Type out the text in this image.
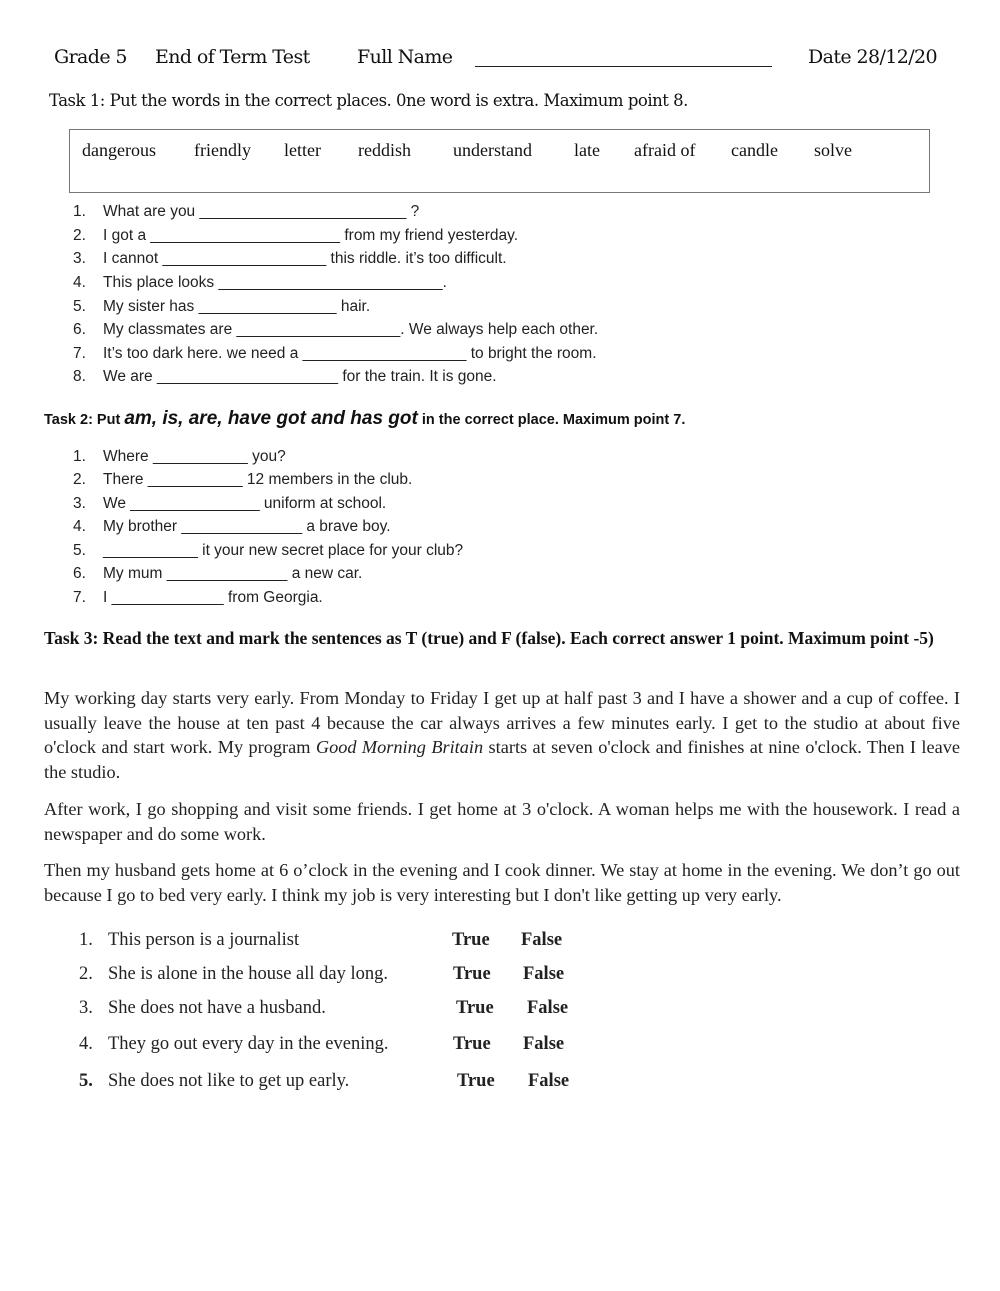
Grade 5 End of Term Test Full Name	Date 28/12/20
Task 1: Put the words in the correct places. 0ne word is extra. Maximum point 8.
dangerous friendly letter reddish understand late afraid of candle solve
1. What are you ________________________ ?
2. I got a ______________________ from my friend yesterday.
3. I cannot ___________________ this riddle. it’s too difficult.
4. This place looks __________________________.
5. My sister has ________________ hair.
6. My classmates are ___________________. We always help each other.
7. It’s too dark here. we need a ___________________ to bright the room.
8. We are _____________________ for the train. It is gone.
Task 2: Put am, is, are, have got and has got in the correct place. Maximum point 7.
1. Where ___________ you?
2. There ___________ 12 members in the club.
3. We _______________ uniform at school.
4. My brother ______________ a brave boy.
5. ___________ it your new secret place for your club?
6. My mum ______________ a new car.
7. I _____________ from Georgia.
Task 3: Read the text and mark the sentences as T (true) and F (false). Each correct answer 1 point. Maximum point -5)
My working day starts very early. From Monday to Friday I get up at half past 3 and I have a shower and a cup of coffee. I usually leave the house at ten past 4 because the car always arrives a few minutes early. I get to the studio at about five o'clock and start work. My program Good Morning Britain starts at seven o'clock and finishes at nine o'clock. Then I leave the studio.
After work, I go shopping and visit some friends. I get home at 3 o'clock. A woman helps me with the housework. I read a newspaper and do some work.
Then my husband gets home at 6 o’clock in the evening and I cook dinner. We stay at home in the evening. We don’t go out because I go to bed very early. I think my job is very interesting but I don't like getting up very early.
1. This person is a journalist	True False
2. She is alone in the house all day long.	True False
3. She does not have a husband.	True False
4. They go out every day in the evening.	True False
5. She does not like to get up early.	True False
